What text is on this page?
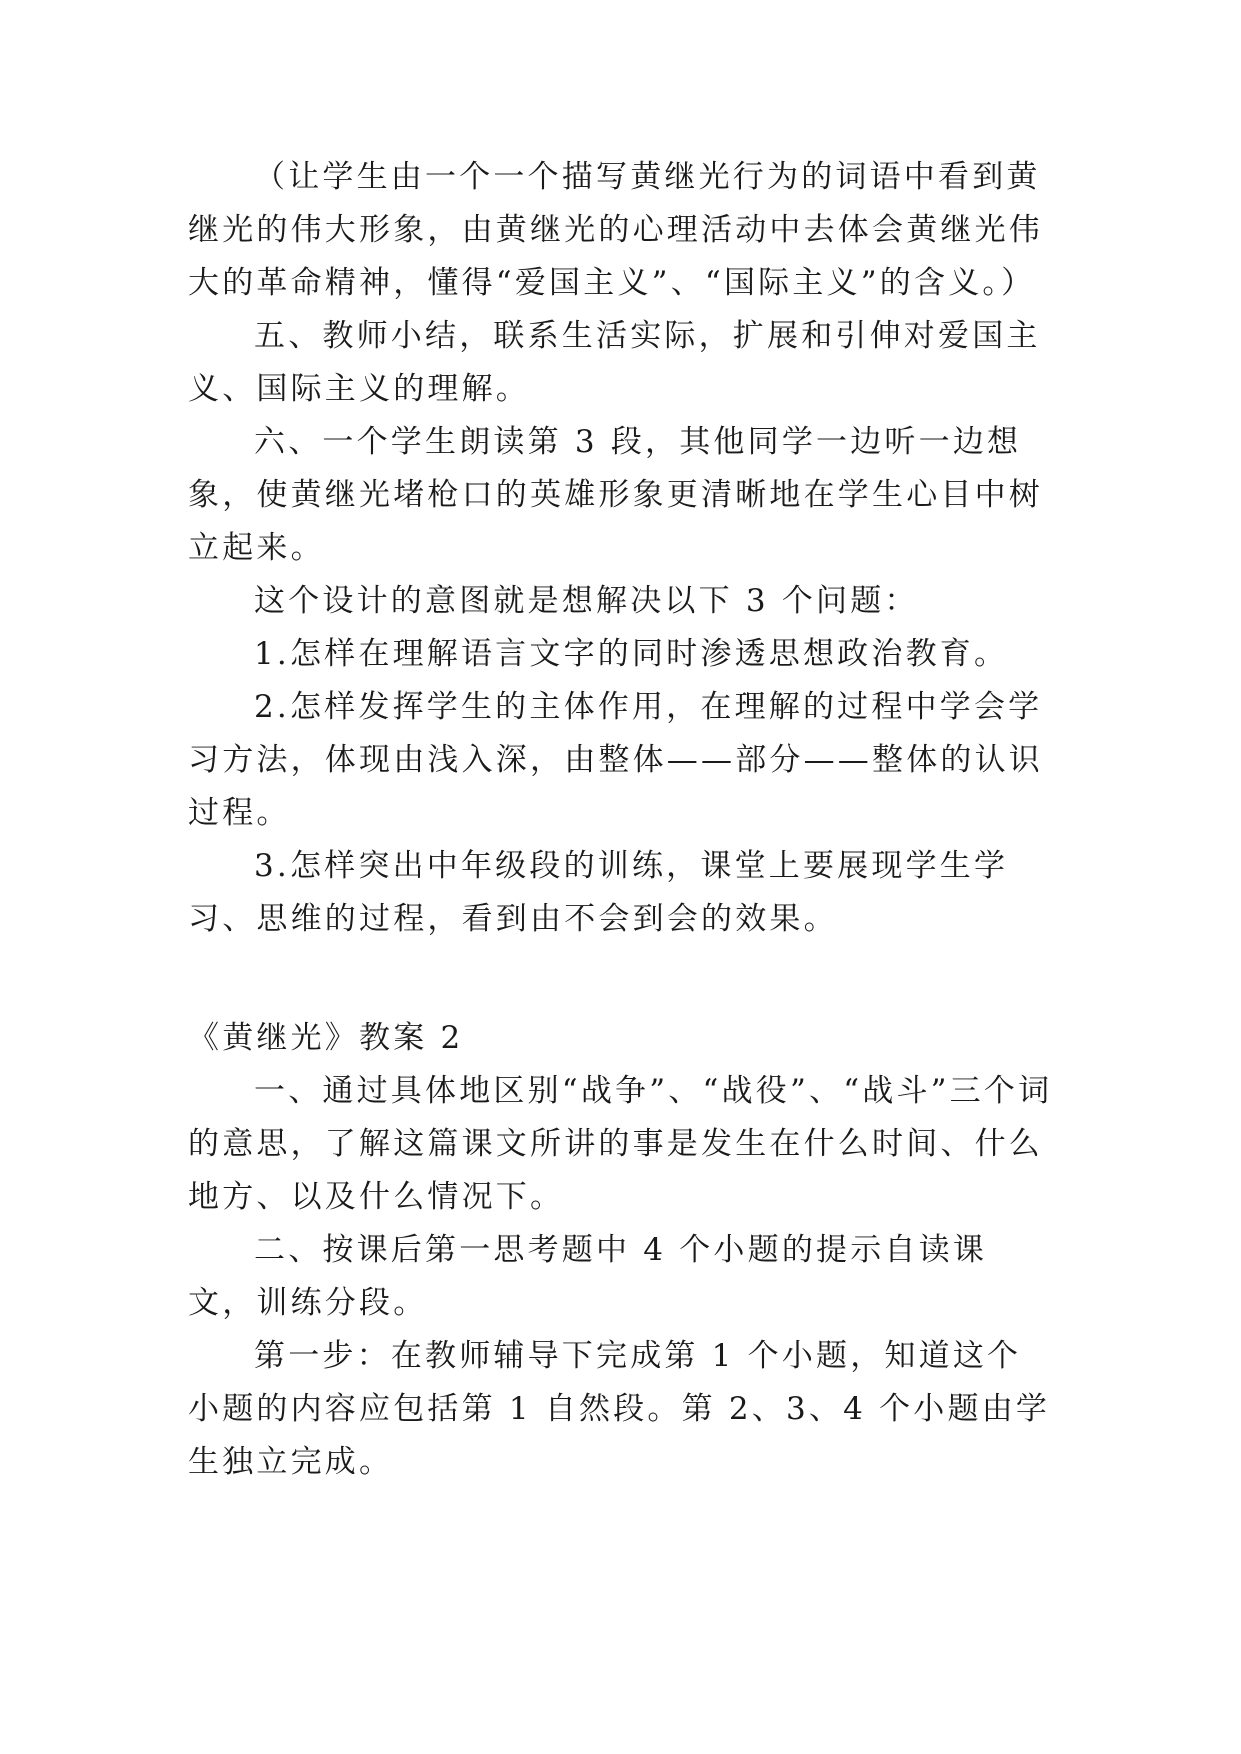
（让学生由一个一个描写黄继光行为的词语中看到黄继光的伟大形象，由黄继光的心理活动中去体会黄继光伟大的革命精神，懂得“爱国主义”、“国际主义”的含义。）

五、教师小结，联系生活实际，扩展和引伸对爱国主义、国际主义的理解。

六、一个学生朗读第 3 段，其他同学一边听一边想象，使黄继光堵枪口的英雄形象更清晰地在学生心目中树立起来。

这个设计的意图就是想解决以下 3 个问题：

1.怎样在理解语言文字的同时渗透思想政治教育。

2.怎样发挥学生的主体作用，在理解的过程中学会学习方法，体现由浅入深，由整体——部分——整体的认识过程。

3.怎样突出中年级段的训练，课堂上要展现学生学习、思维的过程，看到由不会到会的效果。

《黄继光》教案 2

一、通过具体地区别“战争”、“战役”、“战斗”三个词的意思，了解这篇课文所讲的事是发生在什么时间、什么地方、以及什么情况下。

二、按课后第一思考题中 4 个小题的提示自读课文，训练分段。

第一步：在教师辅导下完成第 1 个小题，知道这个小题的内容应包括第 1 自然段。第 2、3、4 个小题由学生独立完成。
